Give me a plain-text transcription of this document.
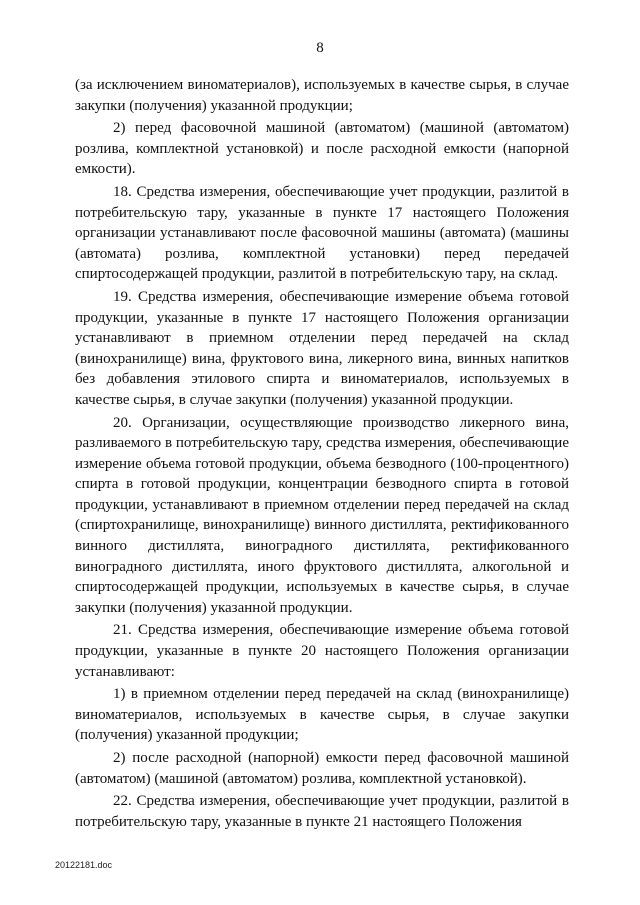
8

(за исключением виноматериалов), используемых в качестве сырья, в случае закупки (получения) указанной продукции;

2) перед фасовочной машиной (автоматом) (машиной (автоматом) розлива, комплектной установкой) и после расходной емкости (напорной емкости).

18. Средства измерения, обеспечивающие учет продукции, разлитой в потребительскую тару, указанные в пункте 17 настоящего Положения организации устанавливают после фасовочной машины (автомата) (машины (автомата) розлива, комплектной установки) перед передачей спиртосодержащей продукции, разлитой в потребительскую тару, на склад.

19. Средства измерения, обеспечивающие измерение объема готовой продукции, указанные в пункте 17 настоящего Положения организации устанавливают в приемном отделении перед передачей на склад (винохранилище) вина, фруктового вина, ликерного вина, винных напитков без добавления этилового спирта и виноматериалов, используемых в качестве сырья, в случае закупки (получения) указанной продукции.

20. Организации, осуществляющие производство ликерного вина, разливаемого в потребительскую тару, средства измерения, обеспечивающие измерение объема готовой продукции, объема безводного (100-процентного) спирта в готовой продукции, концентрации безводного спирта в готовой продукции, устанавливают в приемном отделении перед передачей на склад (спиртохранилище, винохранилище) винного дистиллята, ректификованного винного дистиллята, виноградного дистиллята, ректификованного виноградного дистиллята, иного фруктового дистиллята, алкогольной и спиртосодержащей продукции, используемых в качестве сырья, в случае закупки (получения) указанной продукции.

21. Средства измерения, обеспечивающие измерение объема готовой продукции, указанные в пункте 20 настоящего Положения организации устанавливают:

1) в приемном отделении перед передачей на склад (винохранилище) виноматериалов, используемых в качестве сырья, в случае закупки (получения) указанной продукции;

2) после расходной (напорной) емкости перед фасовочной машиной (автоматом) (машиной (автоматом) розлива, комплектной установкой).

22. Средства измерения, обеспечивающие учет продукции, разлитой в потребительскую тару, указанные в пункте 21 настоящего Положения

20122181.doc
